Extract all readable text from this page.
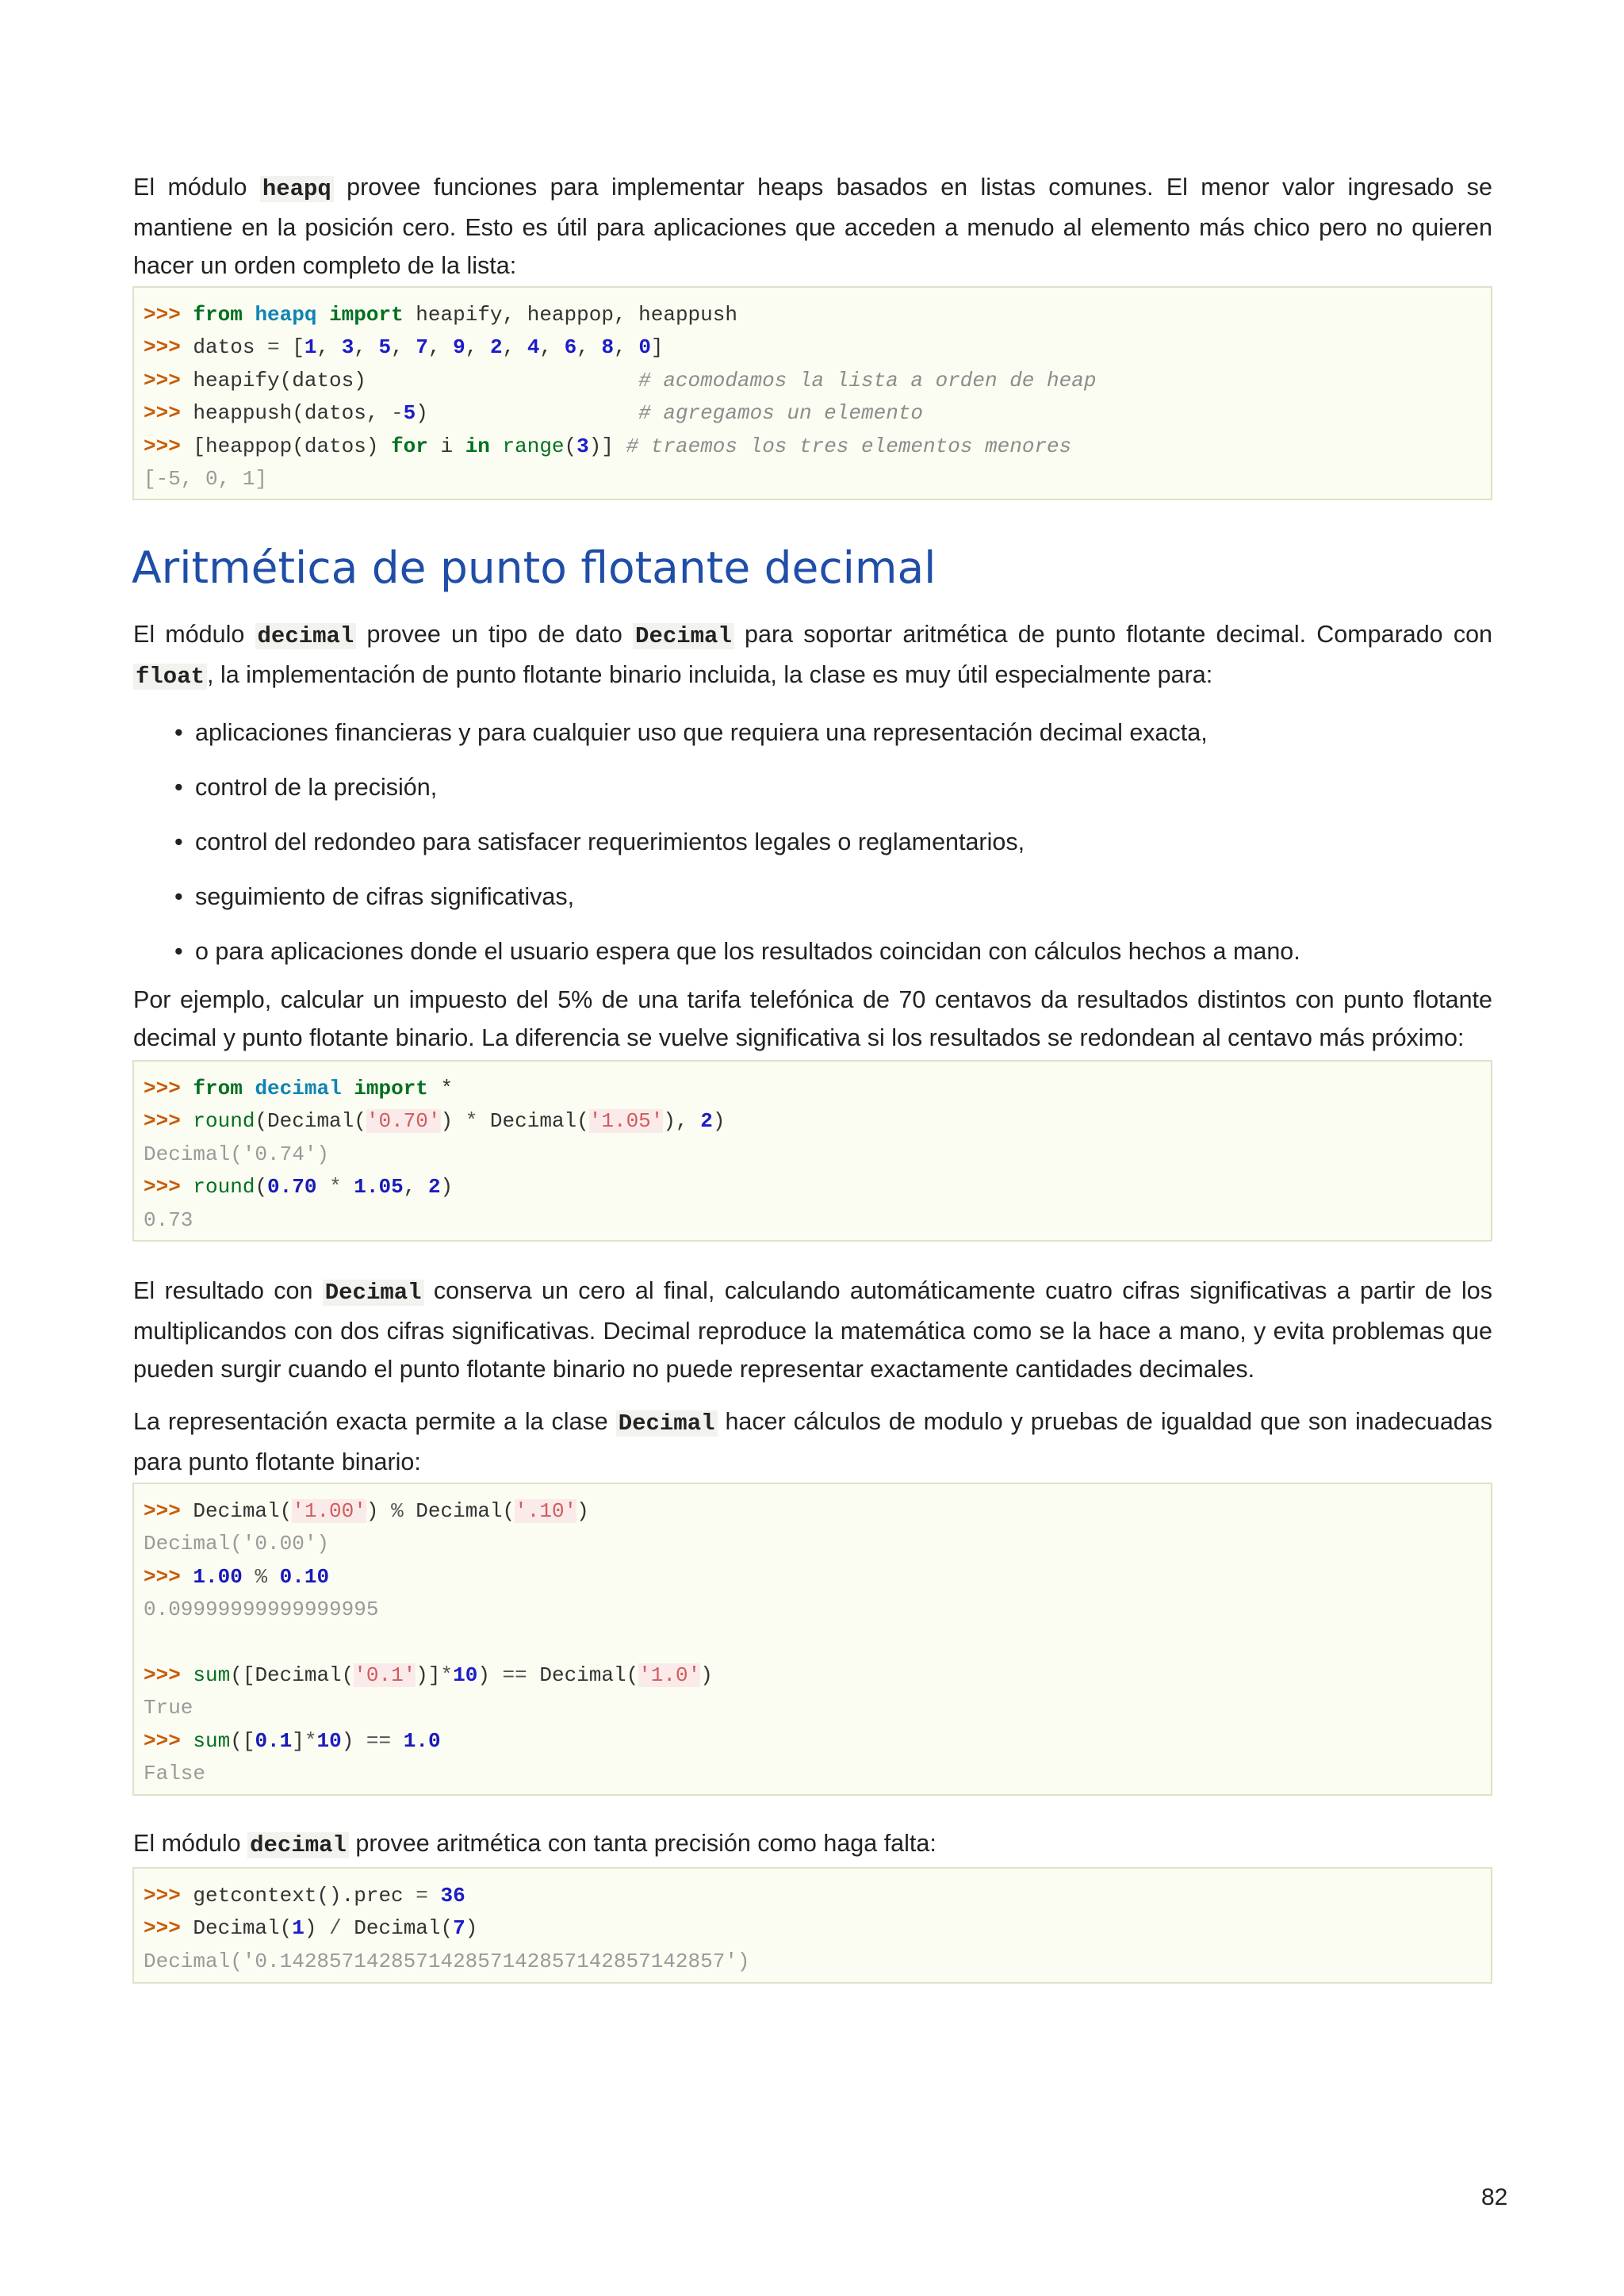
El módulo heapq provee funciones para implementar heaps basados en listas comunes. El menor valor ingresado se mantiene en la posición cero. Esto es útil para aplicaciones que acceden a menudo al elemento más chico pero no quieren hacer un orden completo de la lista:

>>> from heapq import heapify, heappop, heappush
>>> datos = [1, 3, 5, 7, 9, 2, 4, 6, 8, 0]
>>> heapify(datos)	# acomodamos la lista a orden de heap
>>> heappush(datos, -5)	# agregamos un elemento
>>> [heappop(datos) for i in range(3)] # traemos los tres elementos menores
[-5, 0, 1]
Aritmética de punto flotante decimal

El módulo decimal provee un tipo de dato Decimal para soportar aritmética de punto flotante decimal. Comparado con float, la implementación de punto flotante binario incluida, la clase es muy útil especialmente para:

• aplicaciones financieras y para cualquier uso que requiera una representación decimal exacta,
• control de la precisión,
• control del redondeo para satisfacer requerimientos legales o reglamentarios,
• seguimiento de cifras significativas,
• o para aplicaciones donde el usuario espera que los resultados coincidan con cálculos hechos a mano.

Por ejemplo, calcular un impuesto del 5% de una tarifa telefónica de 70 centavos da resultados distintos con punto flotante decimal y punto flotante binario. La diferencia se vuelve significativa si los resultados se redondean al centavo más próximo:

>>> from decimal import *
>>> round(Decimal('0.70') * Decimal('1.05'), 2)
Decimal('0.74')
>>> round(0.70 * 1.05, 2)
0.73

El resultado con Decimal conserva un cero al final, calculando automáticamente cuatro cifras significativas a partir de los multiplicandos con dos cifras significativas. Decimal reproduce la matemática como se la hace a mano, y evita problemas que pueden surgir cuando el punto flotante binario no puede representar exactamente cantidades decimales.

La representación exacta permite a la clase Decimal hacer cálculos de modulo y pruebas de igualdad que son inadecuadas para punto flotante binario:

>>> Decimal('1.00') % Decimal('.10')
Decimal('0.00')
>>> 1.00 % 0.10
0.09999999999999995

>>> sum([Decimal('0.1')]*10) == Decimal('1.0')
True
>>> sum([0.1]*10) == 1.0
False

El módulo decimal provee aritmética con tanta precisión como haga falta:

>>> getcontext().prec = 36
>>> Decimal(1) / Decimal(7)
Decimal('0.142857142857142857142857142857142857')
82
